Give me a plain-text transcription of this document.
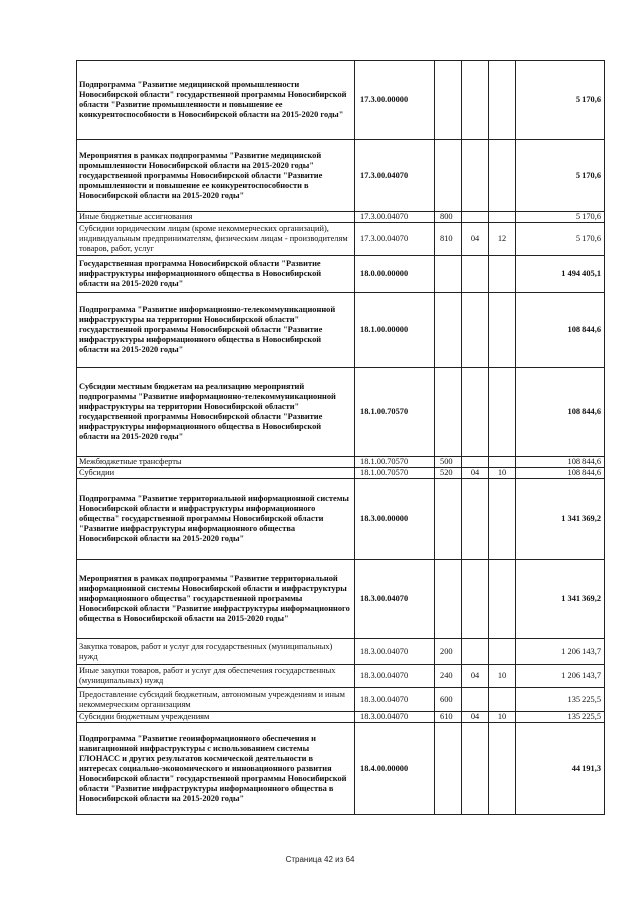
Подпрограмма "Развитие медицинской промышленности Новосибирской области" государственной программы Новосибирской области "Развитие промышленности и повышение ее конкурентоспособности в Новосибирской области на 2015-2020 годы"	17.3.00.00000				5 170,6
Мероприятия в рамках подпрограммы "Развитие медицинской промышленности Новосибирской области на 2015-2020 годы" государственной программы Новосибирской области "Развитие промышленности и повышение ее конкурентоспособности в Новосибирской области на 2015-2020 годы"	17.3.00.04070				5 170,6
Иные бюджетные ассигнования	17.3.00.04070	800			5 170,6
Субсидии юридическим лицам (кроме некоммерческих организаций), индивидуальным предпринимателям, физическим лицам - производителям товаров, работ, услуг	17.3.00.04070	810	04	12	5 170,6
Государственная программа Новосибирской области "Развитие инфраструктуры информационного общества в Новосибирской области на 2015-2020 годы"	18.0.00.00000				1 494 405,1
Подпрограмма "Развитие информационно-телекоммуникационной инфраструктуры на территории Новосибирской области" государственной программы Новосибирской области "Развитие инфраструктуры информационного общества в Новосибирской области на 2015-2020 годы"	18.1.00.00000				108 844,6
Субсидии местным бюджетам на реализацию мероприятий подпрограммы "Развитие информационно-телекоммуникационной инфраструктуры на территории Новосибирской области" государственной программы Новосибирской области "Развитие инфраструктуры информационного общества в Новосибирской области на 2015-2020 годы"	18.1.00.70570				108 844,6
Межбюджетные трансферты	18.1.00.70570	500			108 844,6
Субсидии	18.1.00.70570	520	04	10	108 844,6
Подпрограмма "Развитие территориальной информационной системы Новосибирской области и инфраструктуры информационного общества" государственной программы Новосибирской области "Развитие инфраструктуры информационного общества Новосибирской области на 2015-2020 годы"	18.3.00.00000				1 341 369,2
Мероприятия в рамках подпрограммы "Развитие территориальной информационной системы Новосибирской области и инфраструктуры информационного общества" государственной программы Новосибирской области "Развитие инфраструктуры информационного общества в Новосибирской области на 2015-2020 годы"	18.3.00.04070				1 341 369,2
Закупка товаров, работ и услуг для государственных (муниципальных) нужд	18.3.00.04070	200			1 206 143,7
Иные закупки товаров, работ и услуг для обеспечения государственных (муниципальных) нужд	18.3.00.04070	240	04	10	1 206 143,7
Предоставление субсидий бюджетным, автономным учреждениям и иным некоммерческим организациям	18.3.00.04070	600			135 225,5
Субсидии бюджетным учреждениям	18.3.00.04070	610	04	10	135 225,5
Подпрограмма "Развитие геоинформационного обеспечения и навигационной инфраструктуры с использованием системы ГЛОНАСС и других результатов космической деятельности в интересах социально-экономического и инновационного развития Новосибирской области" государственной программы Новосибирской области "Развитие инфраструктуры информационного общества в Новосибирской области на 2015-2020 годы"	18.4.00.00000				44 191,3
Страница 42 из 64
